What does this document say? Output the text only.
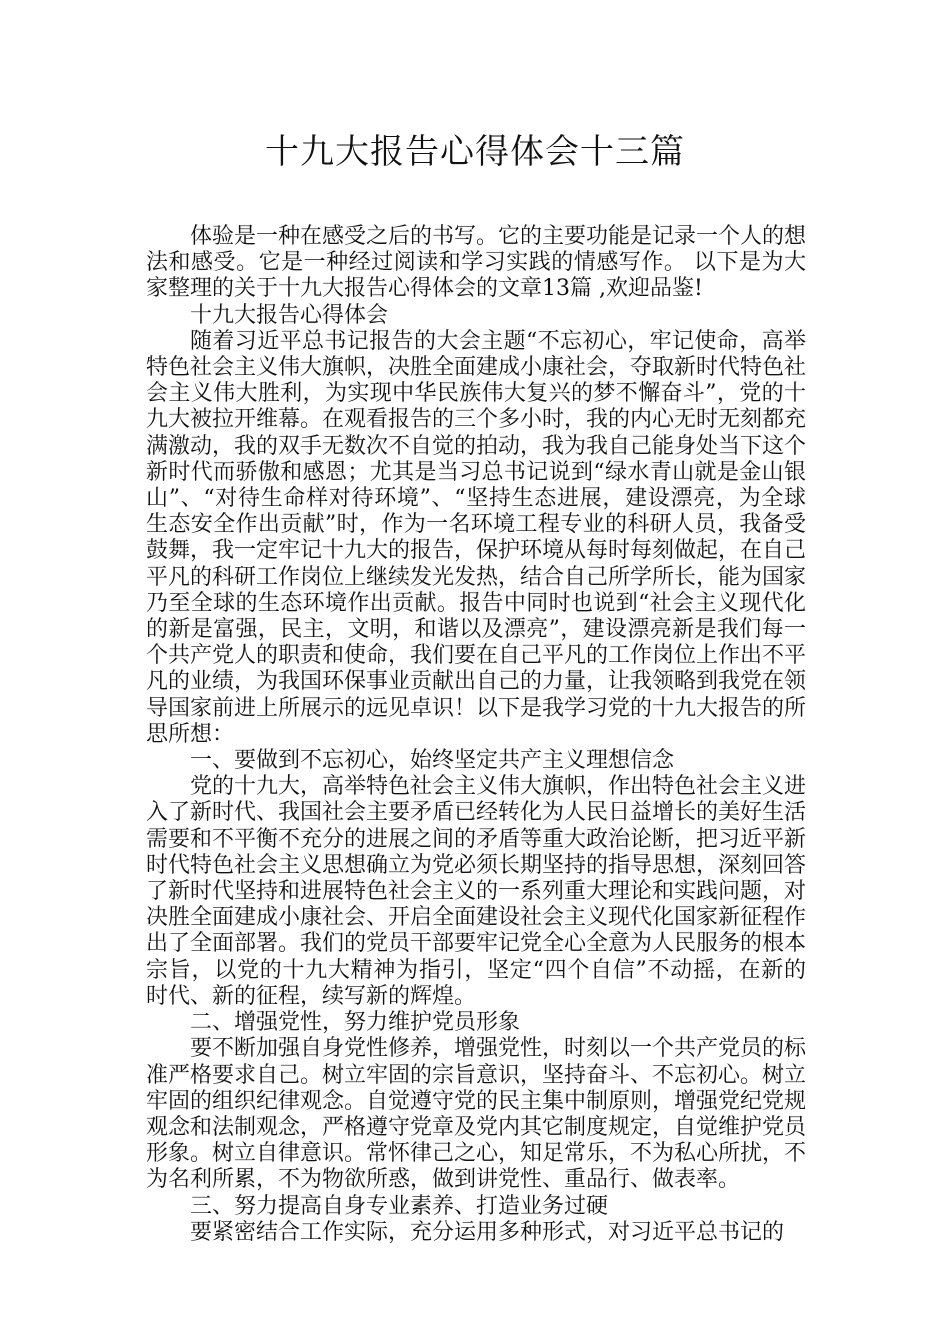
十九大报告心得体会十三篇

体验是一种在感受之后的书写。它的主要功能是记录一个人的想法和感受。它是一种经过阅读和学习实践的情感写作。 以下是为大家整理的关于十九大报告心得体会的文章13篇 ,欢迎品鉴!

十九大报告心得体会

随着习近平总书记报告的大会主题“不忘初心，牢记使命，高举特色社会主义伟大旗帜，决胜全面建成小康社会，夺取新时代特色社会主义伟大胜利，为实现中华民族伟大复兴的梦不懈奋斗”，党的十九大被拉开维幕。在观看报告的三个多小时，我的内心无时无刻都充满激动，我的双手无数次不自觉的拍动，我为我自己能身处当下这个新时代而骄傲和感恩；尤其是当习总书记说到“绿水青山就是金山银山”、“对待生命样对待环境”、“坚持生态进展，建设漂亮，为全球生态安全作出贡献”时，作为一名环境工程专业的科研人员，我备受鼓舞，我一定牢记十九大的报告，保护环境从每时每刻做起，在自己平凡的科研工作岗位上继续发光发热，结合自己所学所长，能为国家乃至全球的生态环境作出贡献。报告中同时也说到“社会主义现代化的新是富强，民主，文明，和谐以及漂亮”，建设漂亮新是我们每一个共产党人的职责和使命，我们要在自己平凡的工作岗位上作出不平凡的业绩，为我国环保事业贡献出自己的力量，让我领略到我党在领导国家前进上所展示的远见卓识！以下是我学习党的十九大报告的所思所想：

一、要做到不忘初心，始终坚定共产主义理想信念

党的十九大，高举特色社会主义伟大旗帜，作出特色社会主义进入了新时代、我国社会主要矛盾已经转化为人民日益增长的美好生活需要和不平衡不充分的进展之间的矛盾等重大政治论断，把习近平新时代特色社会主义思想确立为党必须长期坚持的指导思想，深刻回答了新时代坚持和进展特色社会主义的一系列重大理论和实践问题，对决胜全面建成小康社会、开启全面建设社会主义现代化国家新征程作出了全面部署。我们的党员干部要牢记党全心全意为人民服务的根本宗旨，以党的十九大精神为指引，坚定“四个自信”不动摇，在新的时代、新的征程，续写新的辉煌。

二、增强党性，努力维护党员形象

要不断加强自身党性修养，增强党性，时刻以一个共产党员的标准严格要求自己。树立牢固的宗旨意识，坚持奋斗、不忘初心。树立牢固的组织纪律观念。自觉遵守党的民主集中制原则，增强党纪党规观念和法制观念，严格遵守党章及党内其它制度规定，自觉维护党员形象。树立自律意识。常怀律己之心，知足常乐，不为私心所扰，不为名利所累，不为物欲所惑，做到讲党性、重品行、做表率。

三、努力提高自身专业素养、打造业务过硬

要紧密结合工作实际，充分运用多种形式，对习近平总书记的
